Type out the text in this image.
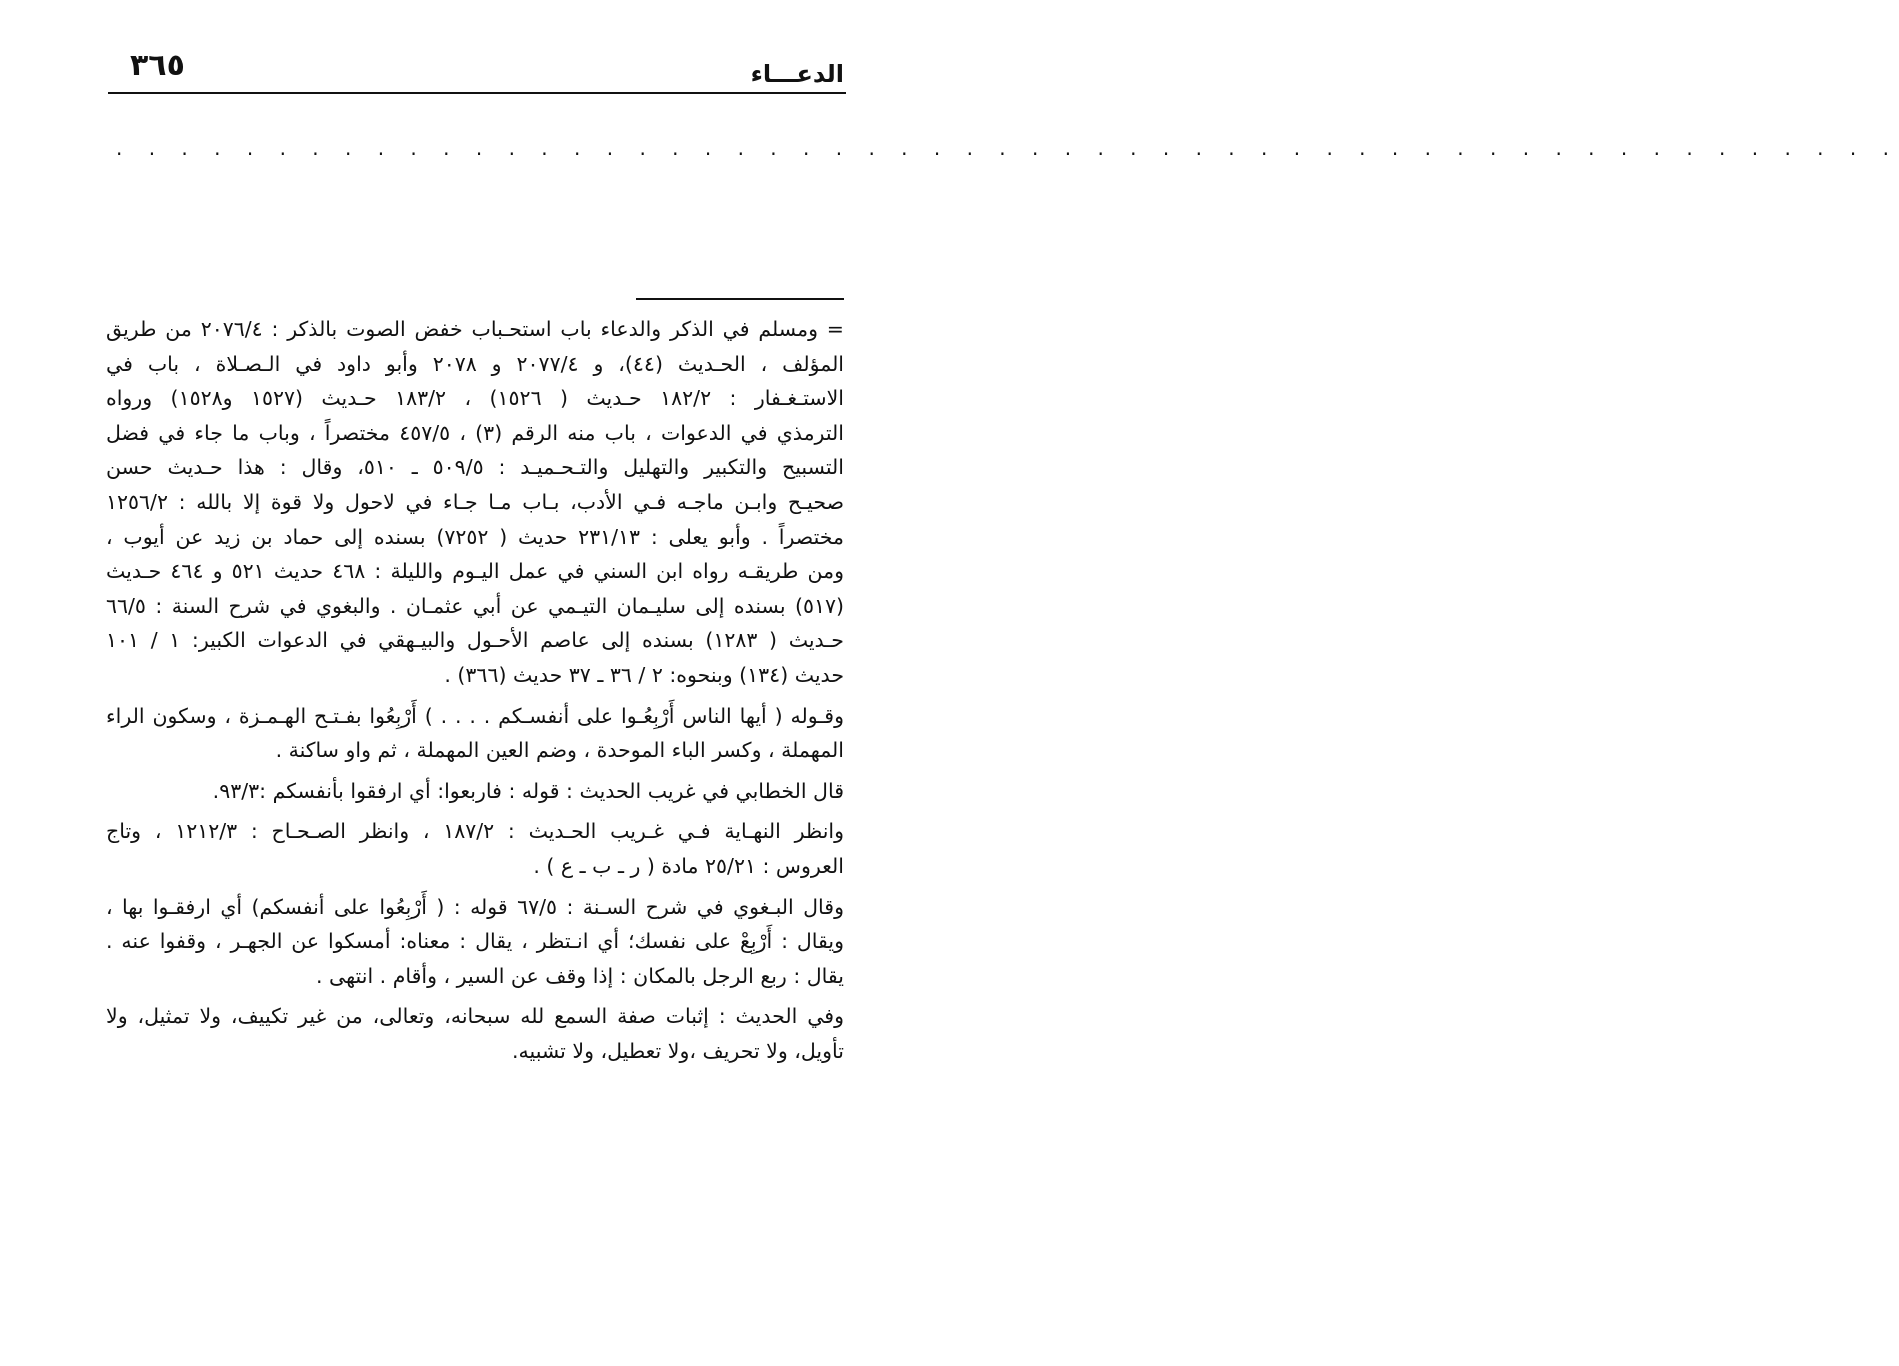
٣٦٥	الدعـــاء
. . . . . . . . . . . . . . . . . . . . . . . . . . . . . . . . . . . . . . . . . . . . . . . . . . . . . . .

= ومسلم في الذكر والدعاء باب استحـباب خفض الصوت بالذكر : ٢٠٧٦/٤ من طريق
المؤلف ، الحـديث (٤٤)، و ٢٠٧٧/٤ و ٢٠٧٨ وأبو داود في الـصـلاة ، باب في
الاستـغـفار : ١٨٢/٢ حـديث ( ١٥٢٦) ، ١٨٣/٢ حـديث (١٥٢٧ و١٥٢٨) ورواه
الترمذي في الدعوات ، باب منه الرقم (٣) ، ٤٥٧/٥ مختصراً ، وباب ما جاء في فضل
التسبيح والتكبير والتهليل والتـحـميـد : ٥٠٩/٥ ـ ٥١٠، وقال : هذا حـديث حسن
صحيـح وابـن ماجـه فـي الأدب، بـاب مـا جـاء في لاحول ولا قوة إلا بالله : ١٢٥٦/٢
مختصراً . وأبو يعلى : ٢٣١/١٣ حديث ( ٧٢٥٢) بسنده إلى حماد بن زيد عن أيوب ،
ومن طريقـه رواه ابن السني في عمل اليـوم والليلة : ٤٦٨ حديث ٥٢١ و ٤٦٤ حـديث
(٥١٧) بسنده إلى سليـمان التيـمي عن أبي عثمـان . والبغوي في شرح السنة : ٦٦/٥
حـديث ( ١٢٨٣) بسنده إلى عاصم الأحـول والبيـهقي في الدعوات الكبير: ١ / ١٠١
حديث (١٣٤) وبنحوه: ٢ / ٣٦ ـ ٣٧ حديث (٣٦٦) .

وقـوله ( أيها الناس أَرْبِعُـوا على أنفسـكم . . . . ) أَرْبِعُوا بفـتـح الهـمـزة ، وسكون الراء
المهملة ، وكسر الباء الموحدة ، وضم العين المهملة ، ثم واو ساكنة .

قال الخطابي في غريب الحديث : قوله : فاربعوا: أي ارفقوا بأنفسكم :٩٣/٣.

وانظر النهـاية فـي غـريب الحـديث : ١٨٧/٢ ، وانظر الصـحـاح : ١٢١٢/٣ ، وتاج
العروس : ٢٥/٢١ مادة ( ر ـ ب ـ ع ) .

وقال البـغوي في شرح السـنة : ٦٧/٥ قوله : ( أَرْبِعُوا على أنفسكم) أي ارفقـوا بها ،
ويقال : أَرْبِعْ على نفسك؛ أي انـتظر ، يقال : معناه: أمسكوا عن الجهـر ، وقفوا عنه .
يقال : ربع الرجل بالمكان : إذا وقف عن السير ، وأقام . انتهى .

وفي الحديث : إثبات صفة السمع لله سبحانه، وتعالى، من غير تكييف، ولا تمثيل، ولا
تأويل، ولا تحريف ،ولا تعطيل، ولا تشبيه.
